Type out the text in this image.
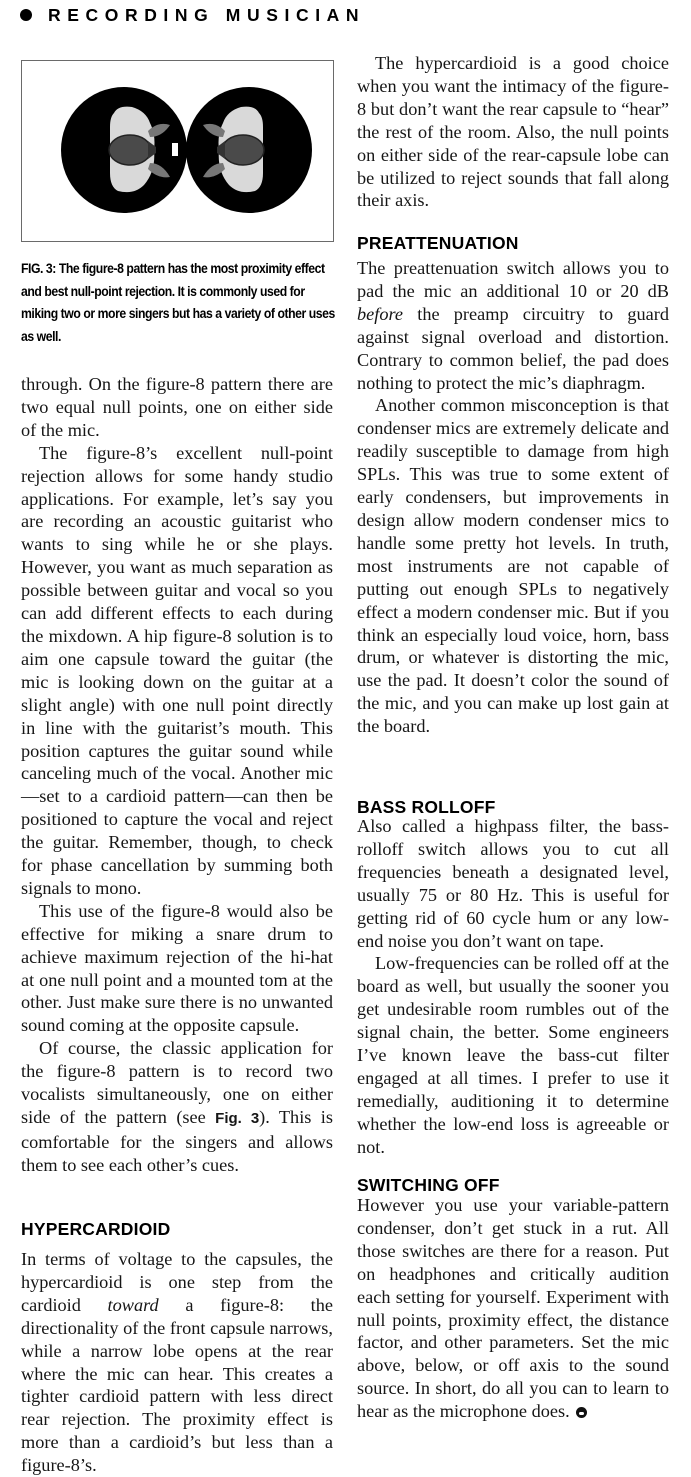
RECORDING MUSICIAN
FIG. 3: The figure-8 pattern has the most proximity effect and best null-point rejection. It is commonly used for miking two or more singers but has a variety of other uses as well.

through. On the figure-8 pattern there are two equal null points, one on either side of the mic.

The figure-8’s excellent null-point rejection allows for some handy studio applications. For example, let’s say you are recording an acoustic guitarist who wants to sing while he or she plays. However, you want as much separation as possible between guitar and vocal so you can add different effects to each during the mixdown. A hip figure-8 solution is to aim one capsule toward the guitar (the mic is looking down on the guitar at a slight angle) with one null point directly in line with the guitarist’s mouth. This position captures the guitar sound while canceling much of the vocal. Another mic—set to a cardioid pattern—can then be positioned to capture the vocal and reject the guitar. Remember, though, to check for phase cancellation by summing both signals to mono.

This use of the figure-8 would also be effective for miking a snare drum to achieve maximum rejection of the hi-hat at one null point and a mounted tom at the other. Just make sure there is no unwanted sound coming at the opposite capsule.

Of course, the classic application for the figure-8 pattern is to record two vocalists simultaneously, one on either side of the pattern (see Fig. 3). This is comfortable for the singers and allows them to see each other’s cues.

HYPERCARDIOID

In terms of voltage to the capsules, the hypercardioid is one step from the cardioid toward a figure-8: the directionality of the front capsule narrows, while a narrow lobe opens at the rear where the mic can hear. This creates a tighter cardioid pattern with less direct rear rejection. The proximity effect is more than a cardioid’s but less than a figure-8’s.

The hypercardioid is a good choice when you want the intimacy of the figure-8 but don’t want the rear capsule to “hear” the rest of the room. Also, the null points on either side of the rear-capsule lobe can be utilized to reject sounds that fall along their axis.

PREATTENUATION

The preattenuation switch allows you to pad the mic an additional 10 or 20 dB before the preamp circuitry to guard against signal overload and distortion. Contrary to common belief, the pad does nothing to protect the mic’s diaphragm.

Another common misconception is that condenser mics are extremely delicate and readily susceptible to damage from high SPLs. This was true to some extent of early condensers, but improvements in design allow modern condenser mics to handle some pretty hot levels. In truth, most instruments are not capable of putting out enough SPLs to negatively effect a modern condenser mic. But if you think an especially loud voice, horn, bass drum, or whatever is distorting the mic, use the pad. It doesn’t color the sound of the mic, and you can make up lost gain at the board.

BASS ROLLOFF

Also called a highpass filter, the bass-rolloff switch allows you to cut all frequencies beneath a designated level, usually 75 or 80 Hz. This is useful for getting rid of 60 cycle hum or any low-end noise you don’t want on tape.

Low-frequencies can be rolled off at the board as well, but usually the sooner you get undesirable room rumbles out of the signal chain, the better. Some engineers I’ve known leave the bass-cut filter engaged at all times. I prefer to use it remedially, auditioning it to determine whether the low-end loss is agreeable or not.

SWITCHING OFF

However you use your variable-pattern condenser, don’t get stuck in a rut. All those switches are there for a reason. Put on headphones and critically audition each setting for yourself. Experiment with null points, proximity effect, the distance factor, and other parameters. Set the mic above, below, or off axis to the sound source. In short, do all you can to learn to hear as the microphone does.
